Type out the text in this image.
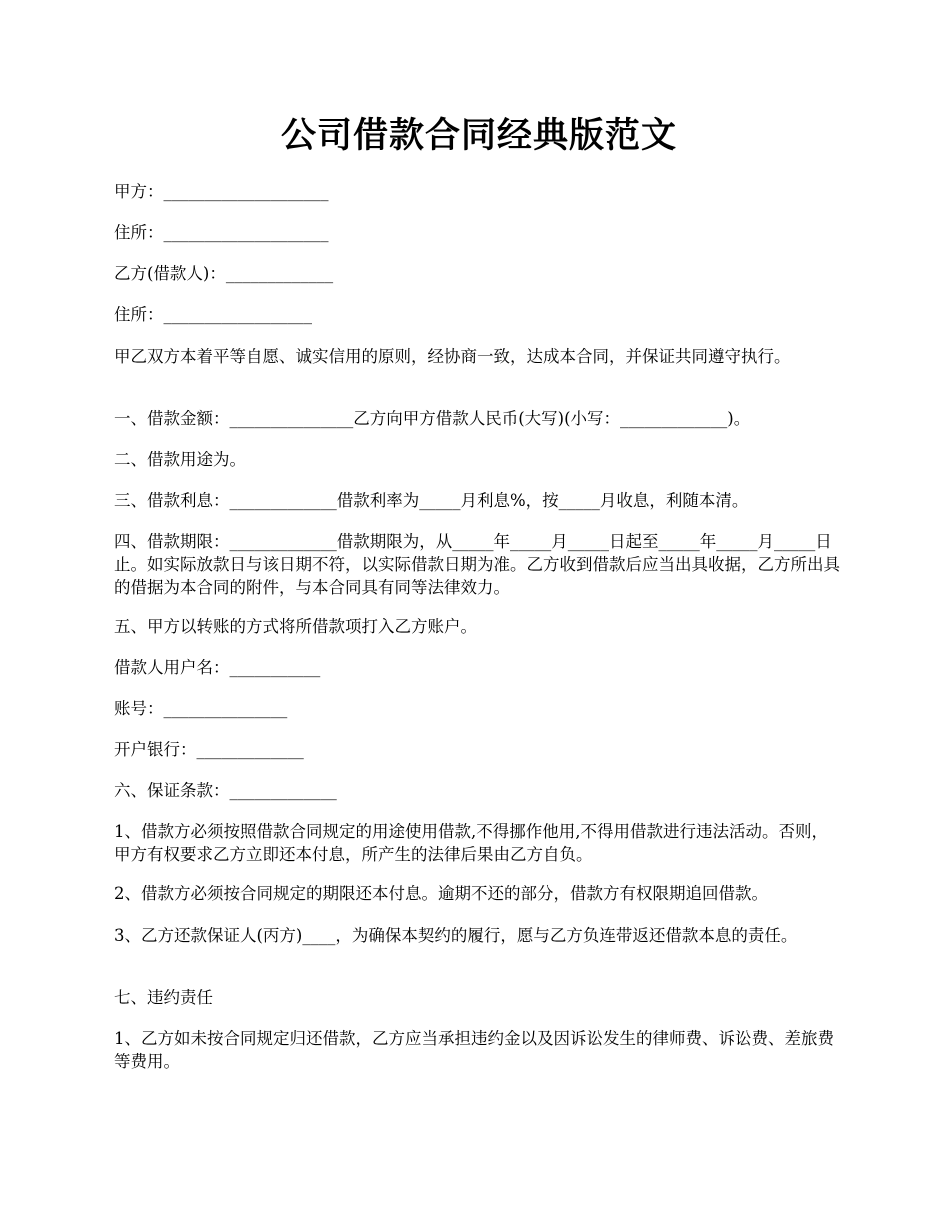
公司借款合同经典版范文

甲方：____________________

住所：____________________

乙方(借款人)：_____________

住所：__________________

甲乙双方本着平等自愿、诚实信用的原则，经协商一致，达成本合同，并保证共同遵守执行。

一、借款金额：_______________乙方向甲方借款人民币(大写)(小写：_____________)。

二、借款用途为。

三、借款利息：_____________借款利率为_____月利息%，按_____月收息，利随本清。

四、借款期限：_____________借款期限为，从_____年_____月_____日起至_____年_____月_____日止。如实际放款日与该日期不符，以实际借款日期为准。乙方收到借款后应当出具收据，乙方所出具的借据为本合同的附件，与本合同具有同等法律效力。

五、甲方以转账的方式将所借款项打入乙方账户。

借款人用户名：___________

账号：_______________

开户银行：_____________

六、保证条款：_____________

1、借款方必须按照借款合同规定的用途使用借款,不得挪作他用,不得用借款进行违法活动。否则，甲方有权要求乙方立即还本付息，所产生的法律后果由乙方自负。

2、借款方必须按合同规定的期限还本付息。逾期不还的部分，借款方有权限期追回借款。

3、乙方还款保证人(丙方)____，为确保本契约的履行，愿与乙方负连带返还借款本息的责任。

七、违约责任

1、乙方如未按合同规定归还借款，乙方应当承担违约金以及因诉讼发生的律师费、诉讼费、差旅费等费用。
